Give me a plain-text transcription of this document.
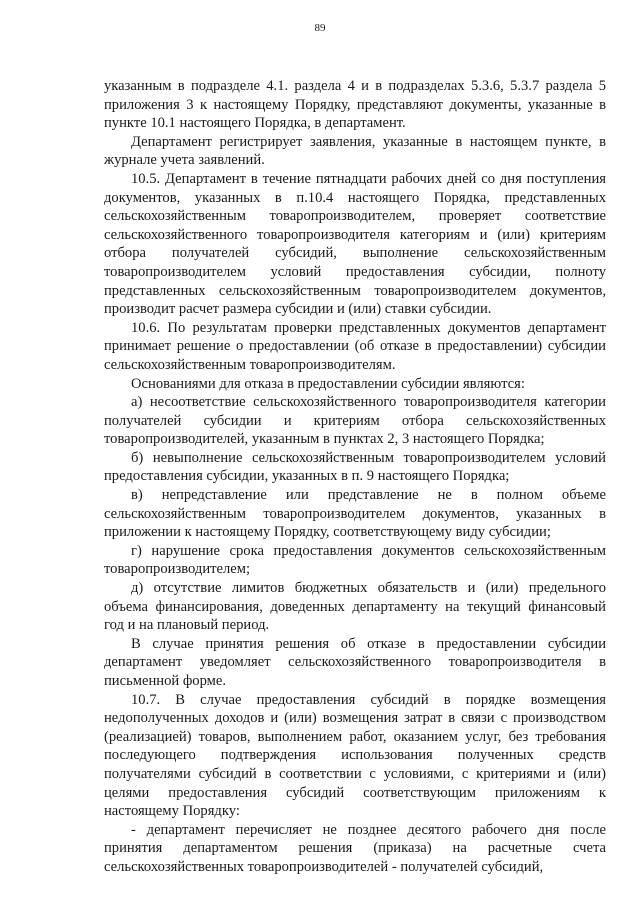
89

указанным в подразделе 4.1. раздела 4 и в подразделах 5.3.6, 5.3.7 раздела 5 приложения 3 к настоящему Порядку, представляют документы, указанные в пункте 10.1 настоящего Порядка, в департамент.

Департамент регистрирует заявления, указанные в настоящем пункте, в журнале учета заявлений.

10.5. Департамент в течение пятнадцати рабочих дней со дня поступления документов, указанных в п.10.4 настоящего Порядка, представленных сельскохозяйственным товаропроизводителем, проверяет соответствие сельскохозяйственного товаропроизводителя категориям и (или) критериям отбора получателей субсидий, выполнение сельскохозяйственным товаропроизводителем условий предоставления субсидии, полноту представленных сельскохозяйственным товаропроизводителем документов, производит расчет размера субсидии и (или) ставки субсидии.

10.6. По результатам проверки представленных документов департамент принимает решение о предоставлении (об отказе в предоставлении) субсидии сельскохозяйственным товаропроизводителям.

Основаниями для отказа в предоставлении субсидии являются:

а) несоответствие сельскохозяйственного товаропроизводителя категории получателей субсидии и критериям отбора сельскохозяйственных товаропроизводителей, указанным в пунктах 2, 3 настоящего Порядка;

б) невыполнение сельскохозяйственным товаропроизводителем условий предоставления субсидии, указанных в п. 9 настоящего Порядка;

в) непредставление или представление не в полном объеме сельскохозяйственным товаропроизводителем документов, указанных в приложении к настоящему Порядку, соответствующему виду субсидии;

г) нарушение срока предоставления документов сельскохозяйственным товаропроизводителем;

д) отсутствие лимитов бюджетных обязательств и (или) предельного объема финансирования, доведенных департаменту на текущий финансовый год и на плановый период.

В случае принятия решения об отказе в предоставлении субсидии департамент уведомляет сельскохозяйственного товаропроизводителя в письменной форме.

10.7. В случае предоставления субсидий в порядке возмещения недополученных доходов и (или) возмещения затрат в связи с производством (реализацией) товаров, выполнением работ, оказанием услуг, без требования последующего подтверждения использования полученных средств получателями субсидий в соответствии с условиями, с критериями и (или) целями предоставления субсидий соответствующим приложениям к настоящему Порядку:

- департамент перечисляет не позднее десятого рабочего дня после принятия департаментом решения (приказа) на расчетные счета сельскохозяйственных товаропроизводителей - получателей субсидий,
